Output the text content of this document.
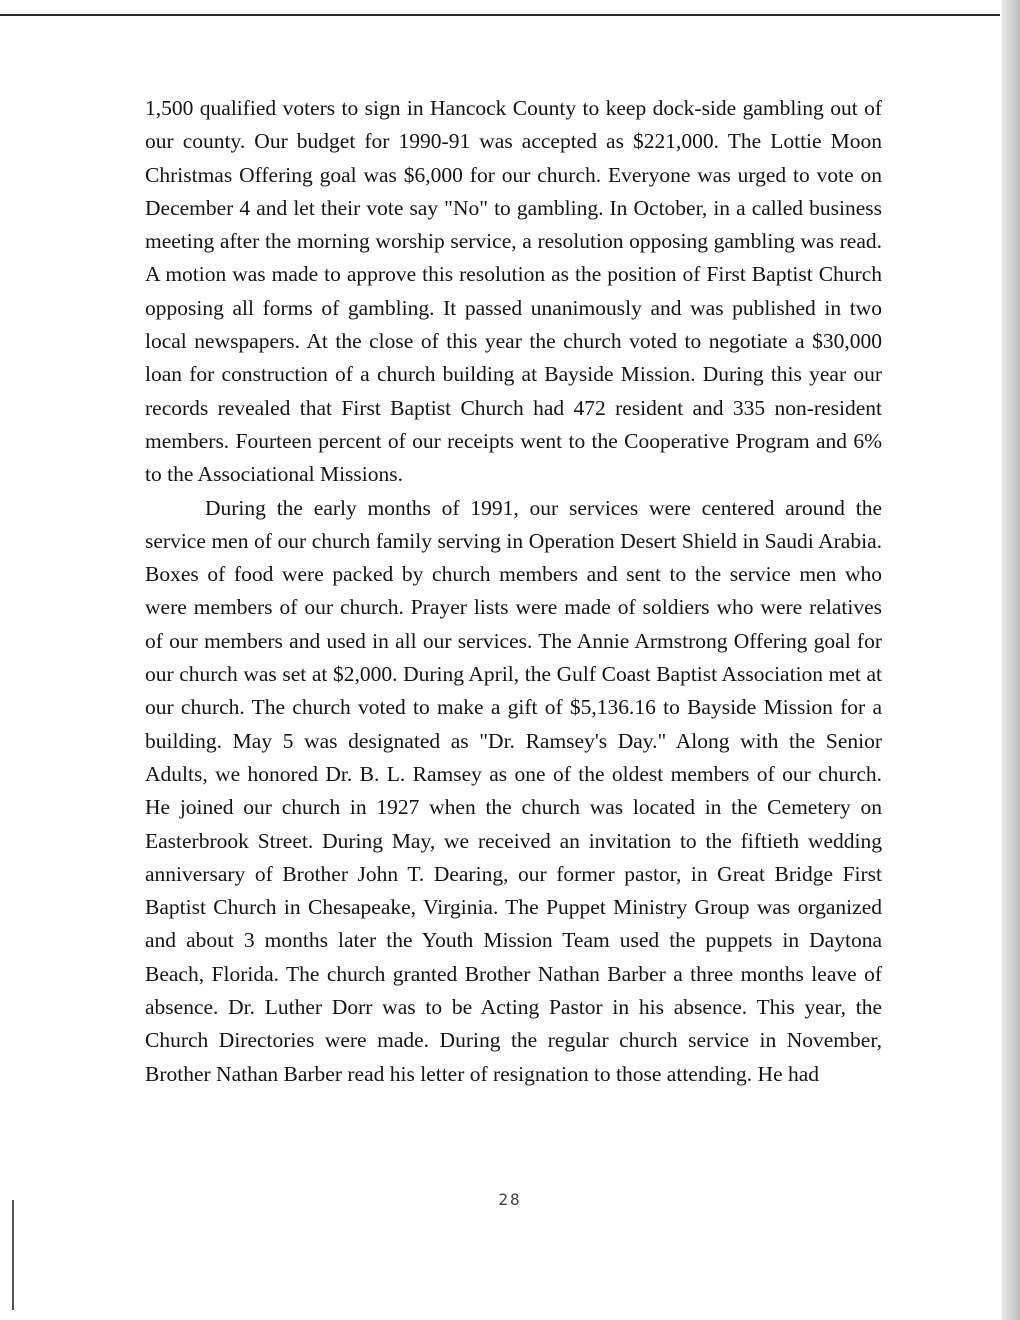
1,500 qualified voters to sign in Hancock County to keep dock-side gambling out of our county. Our budget for 1990-91 was accepted as $221,000. The Lottie Moon Christmas Offering goal was $6,000 for our church. Everyone was urged to vote on December 4 and let their vote say "No" to gambling. In October, in a called business meeting after the morning worship service, a resolution opposing gambling was read. A motion was made to approve this resolution as the position of First Baptist Church opposing all forms of gambling. It passed unanimously and was published in two local newspapers. At the close of this year the church voted to negotiate a $30,000 loan for construction of a church building at Bayside Mission. During this year our records revealed that First Baptist Church had 472 resident and 335 non-resident members. Fourteen percent of our receipts went to the Cooperative Program and 6% to the Associational Missions.

During the early months of 1991, our services were centered around the service men of our church family serving in Operation Desert Shield in Saudi Arabia. Boxes of food were packed by church members and sent to the service men who were members of our church. Prayer lists were made of soldiers who were relatives of our members and used in all our services. The Annie Armstrong Offering goal for our church was set at $2,000. During April, the Gulf Coast Baptist Association met at our church. The church voted to make a gift of $5,136.16 to Bayside Mission for a building. May 5 was designated as "Dr. Ramsey's Day." Along with the Senior Adults, we honored Dr. B. L. Ramsey as one of the oldest members of our church. He joined our church in 1927 when the church was located in the Cemetery on Easterbrook Street. During May, we received an invitation to the fiftieth wedding anniversary of Brother John T. Dearing, our former pastor, in Great Bridge First Baptist Church in Chesapeake, Virginia. The Puppet Ministry Group was organized and about 3 months later the Youth Mission Team used the puppets in Daytona Beach, Florida. The church granted Brother Nathan Barber a three months leave of absence. Dr. Luther Dorr was to be Acting Pastor in his absence. This year, the Church Directories were made. During the regular church service in November, Brother Nathan Barber read his letter of resignation to those attending. He had

28
